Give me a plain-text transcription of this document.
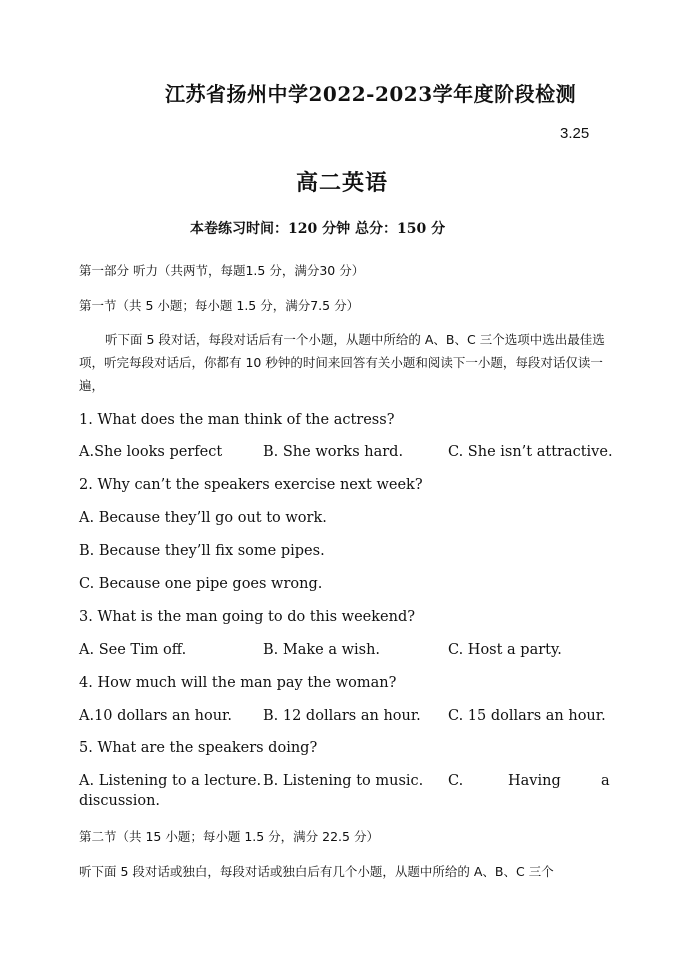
江苏省扬州中学2022-2023学年度阶段检测
3.25
高二英语
本卷练习时间：120 分钟 总分：150 分
第一部分 听力（共两节，每题1.5 分，满分30 分）
第一节（共 5 小题；每小题 1.5 分，满分7.5 分）
听下面 5 段对话，每段对话后有一个小题，从题中所给的 A、B、C 三个选项中选出最佳选项，听完每段对话后，你都有 10 秒钟的时间来回答有关小题和阅读下一小题，每段对话仅读一遍，
1. What does the man think of the actress?
A.She looks perfect	B. She works hard.	C. She isn’t attractive.
2. Why can’t the speakers exercise next week?
A. Because they’ll go out to work.
B. Because they’ll fix some pipes.
C. Because one pipe goes wrong.
3. What is the man going to do this weekend?
A. See Tim off.	B. Make a wish.	C. Host a party.
4. How much will the man pay the woman?
A.10 dollars an hour. B. 12 dollars an hour. C. 15 dollars an hour.
5. What are the speakers doing?
A. Listening to a lecture. B. Listening to music. C.	Having	a
discussion.
第二节（共 15 小题；每小题 1.5 分，满分 22.5 分）
听下面 5 段对话或独白，每段对话或独白后有几个小题，从题中所给的 A、B、C 三个
